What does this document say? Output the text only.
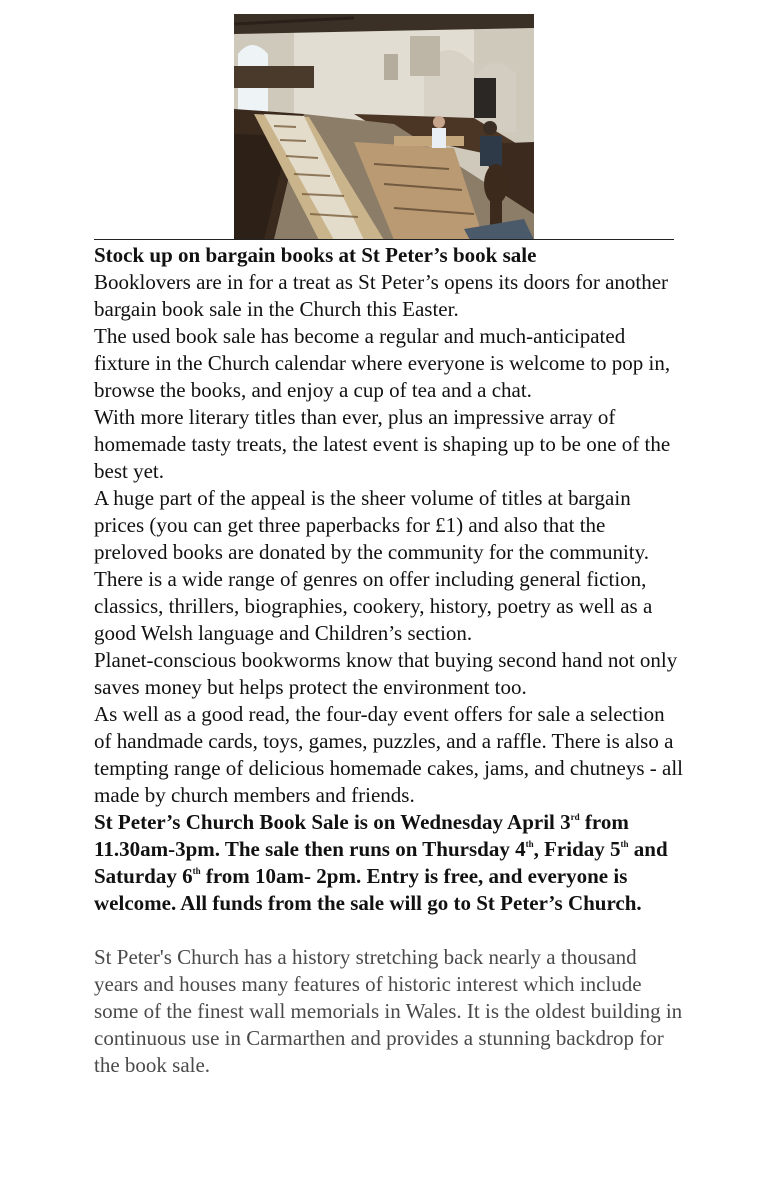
Stock up on bargain books at St Peter’s book sale

Booklovers are in for a treat as St Peter’s opens its doors for another bargain book sale in the Church this Easter.

The used book sale has become a regular and much-anticipated fixture in the Church calendar where everyone is welcome to pop in, browse the books, and enjoy a cup of tea and a chat.

With more literary titles than ever, plus an impressive array of homemade tasty treats, the latest event is shaping up to be one of the best yet.

A huge part of the appeal is the sheer volume of titles at bargain prices (you can get three paperbacks for £1) and also that the preloved books are donated by the community for the community. There is a wide range of genres on offer including general fiction, classics, thrillers, biographies, cookery, history, poetry as well as a good Welsh language and Children’s section.

Planet-conscious bookworms know that buying second hand not only saves money but helps protect the environment too.

As well as a good read, the four-day event offers for sale a selection of handmade cards, toys, games, puzzles, and a raffle. There is also a tempting range of delicious homemade cakes, jams, and chutneys - all made by church members and friends.

St Peter’s Church Book Sale is on Wednesday April 3rd from 11.30am-3pm. The sale then runs on Thursday 4th, Friday 5th and Saturday 6th from 10am- 2pm. Entry is free, and everyone is welcome. All funds from the sale will go to St Peter’s Church.

St Peter's Church has a history stretching back nearly a thousand years and houses many features of historic interest which include some of the finest wall memorials in Wales. It is the oldest building in continuous use in Carmarthen and provides a stunning backdrop for the book sale.
